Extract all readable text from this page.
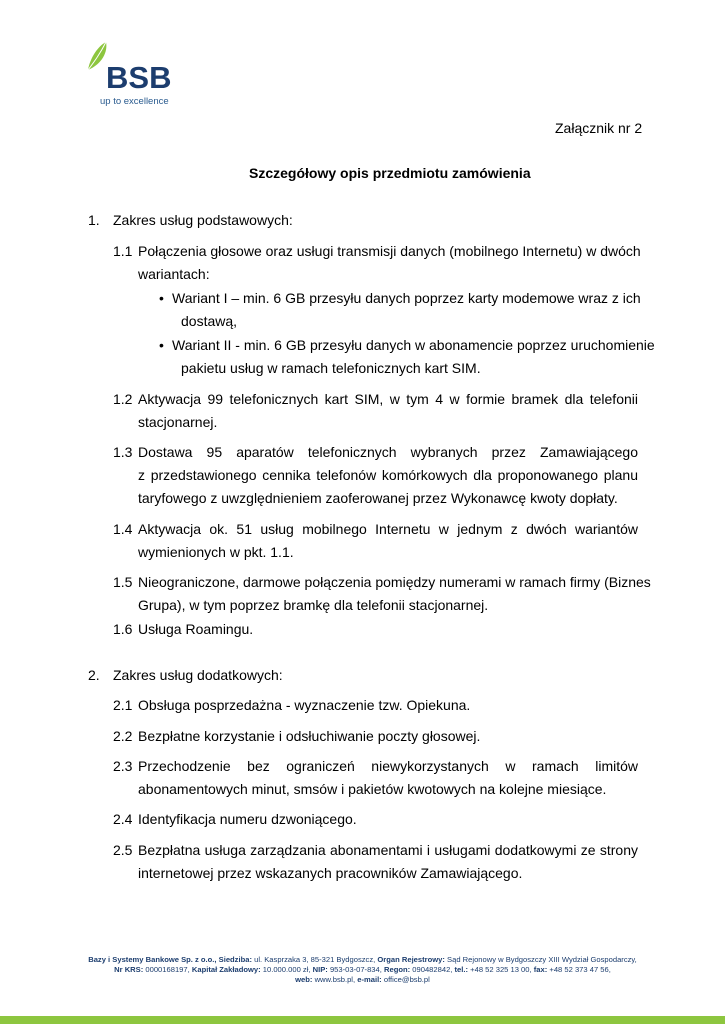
BSB
up to excellence
Załącznik nr 2
Szczegółowy opis przedmiotu zamówienia
1. Zakres usług podstawowych:
1.1 Połączenia głosowe oraz usługi transmisji danych (mobilnego Internetu) w dwóch
wariantach:
• Wariant I – min. 6 GB przesyłu danych poprzez karty modemowe wraz z ich
dostawą,
• Wariant II - min. 6 GB przesyłu danych w abonamencie poprzez uruchomienie
pakietu usług w ramach telefonicznych kart SIM.
1.2 Aktywacja 99 telefonicznych kart SIM, w tym 4 w formie bramek dla telefonii
stacjonarnej.
1.3 Dostawa 95 aparatów telefonicznych wybranych przez Zamawiającego
z przedstawionego cennika telefonów komórkowych dla proponowanego planu
taryfowego z uwzględnieniem zaoferowanej przez Wykonawcę kwoty dopłaty.
1.4 Aktywacja ok. 51 usług mobilnego Internetu w jednym z dwóch wariantów
wymienionych w pkt. 1.1.
1.5 Nieograniczone, darmowe połączenia pomiędzy numerami w ramach firmy (Biznes
Grupa), w tym poprzez bramkę dla telefonii stacjonarnej.
1.6 Usługa Roamingu.
2. Zakres usług dodatkowych:
2.1 Obsługa posprzedażna - wyznaczenie tzw. Opiekuna.
2.2 Bezpłatne korzystanie i odsłuchiwanie poczty głosowej.
2.3 Przechodzenie bez ograniczeń niewykorzystanych w ramach limitów
abonamentowych minut, smsów i pakietów kwotowych na kolejne miesiące.
2.4 Identyfikacja numeru dzwoniącego.
2.5 Bezpłatna usługa zarządzania abonamentami i usługami dodatkowymi ze strony
internetowej przez wskazanych pracowników Zamawiającego.
Bazy i Systemy Bankowe Sp. z o.o., Siedziba: ul. Kasprzaka 3, 85-321 Bydgoszcz, Organ Rejestrowy: Sąd Rejonowy w Bydgoszczy XIII Wydział Gospodarczy,
Nr KRS: 0000168197, Kapitał Zakładowy: 10.000.000 zł, NIP: 953-03-07-834, Regon: 090482842, tel.: +48 52 325 13 00, fax: +48 52 373 47 56,
web: www.bsb.pl, e-mail: office@bsb.pl
